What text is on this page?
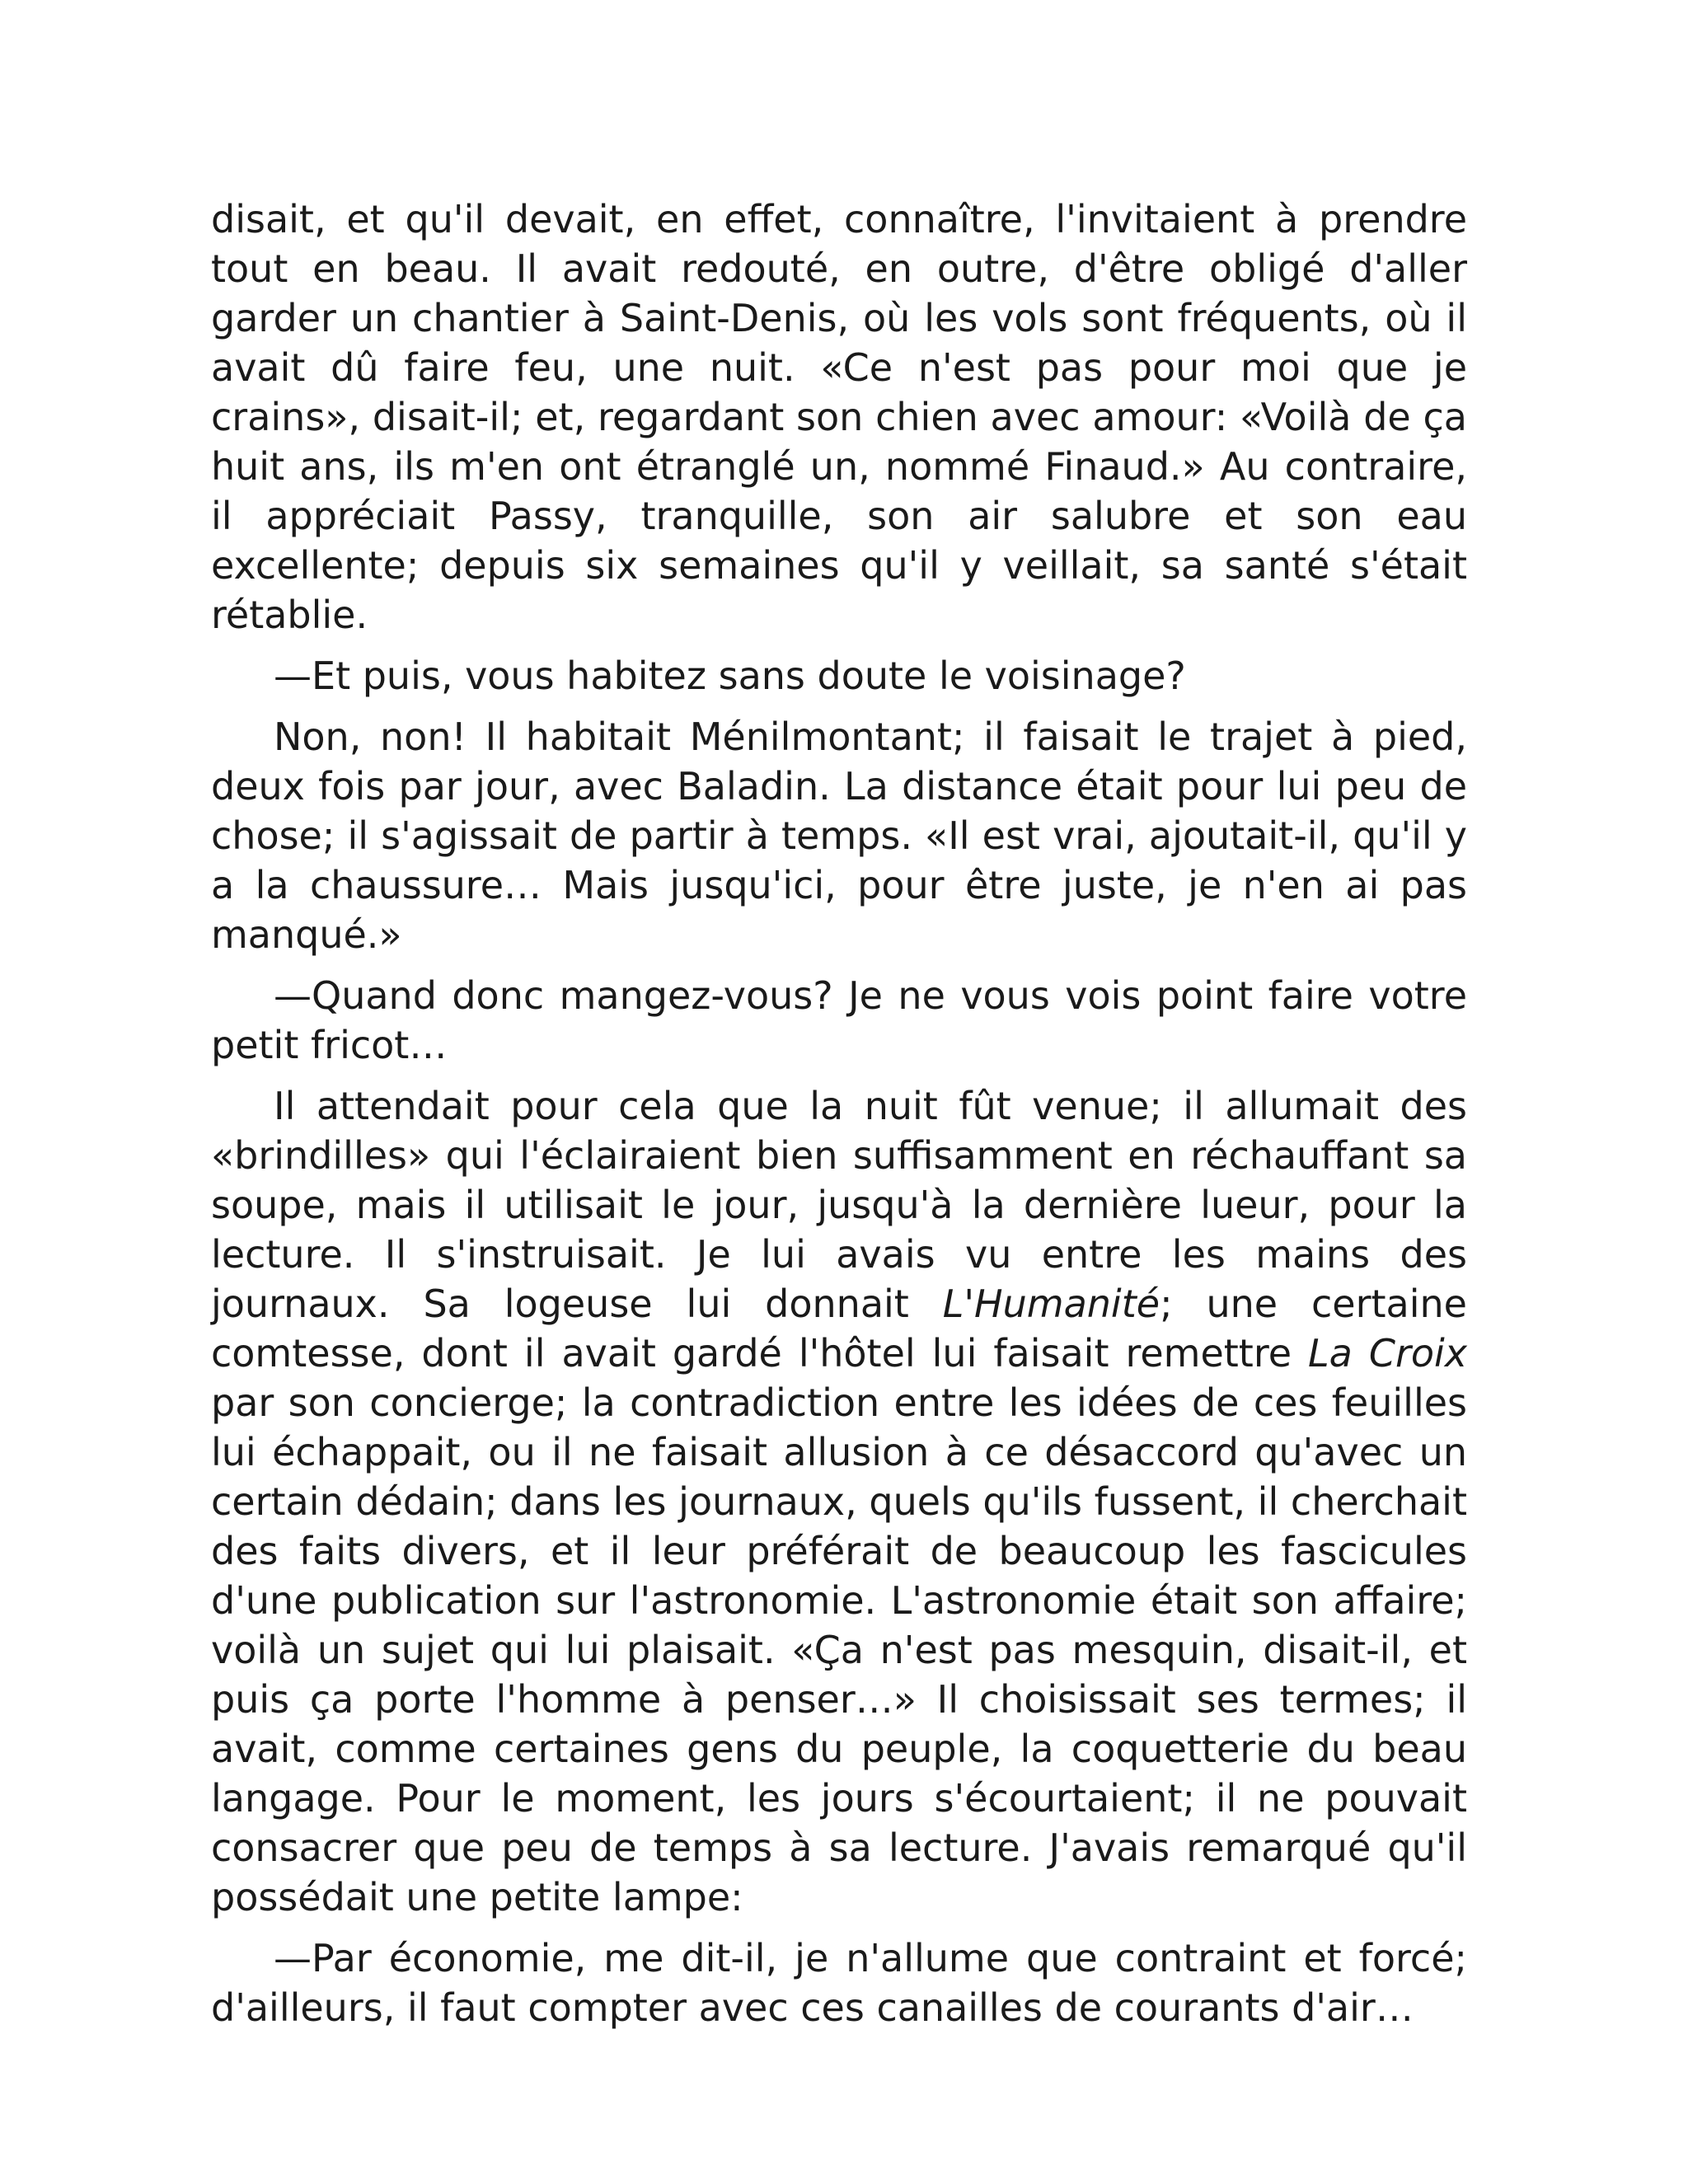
disait, et qu'il devait, en effet, connaître, l'invitaient à prendre tout en beau. Il avait redouté, en outre, d'être obligé d'aller garder un chantier à Saint-Denis, où les vols sont fréquents, où il avait dû faire feu, une nuit. «Ce n'est pas pour moi que je crains», disait-il; et, regardant son chien avec amour: «Voilà de ça huit ans, ils m'en ont étranglé un, nommé Finaud.» Au contraire, il appréciait Passy, tranquille, son air salubre et son eau excellente; depuis six semaines qu'il y veillait, sa santé s'était rétablie.

—Et puis, vous habitez sans doute le voisinage?

Non, non! Il habitait Ménilmontant; il faisait le trajet à pied, deux fois par jour, avec Baladin. La distance était pour lui peu de chose; il s'agissait de partir à temps. «Il est vrai, ajoutait-il, qu'il y a la chaussure… Mais jusqu'ici, pour être juste, je n'en ai pas manqué.»

—Quand donc mangez-vous? Je ne vous vois point faire votre petit fricot…

Il attendait pour cela que la nuit fût venue; il allumait des «brindilles» qui l'éclairaient bien suffisamment en réchauffant sa soupe, mais il utilisait le jour, jusqu'à la dernière lueur, pour la lecture. Il s'instruisait. Je lui avais vu entre les mains des journaux. Sa logeuse lui donnait L'Humanité; une certaine comtesse, dont il avait gardé l'hôtel lui faisait remettre La Croix par son concierge; la contradiction entre les idées de ces feuilles lui échappait, ou il ne faisait allusion à ce désaccord qu'avec un certain dédain; dans les journaux, quels qu'ils fussent, il cherchait des faits divers, et il leur préférait de beaucoup les fascicules d'une publication sur l'astronomie. L'astronomie était son affaire; voilà un sujet qui lui plaisait. «Ça n'est pas mesquin, disait-il, et puis ça porte l'homme à penser…» Il choisissait ses termes; il avait, comme certaines gens du peuple, la coquetterie du beau langage. Pour le moment, les jours s'écourtaient; il ne pouvait consacrer que peu de temps à sa lecture. J'avais remarqué qu'il possédait une petite lampe:

—Par économie, me dit-il, je n'allume que contraint et forcé; d'ailleurs, il faut compter avec ces canailles de courants d'air…
